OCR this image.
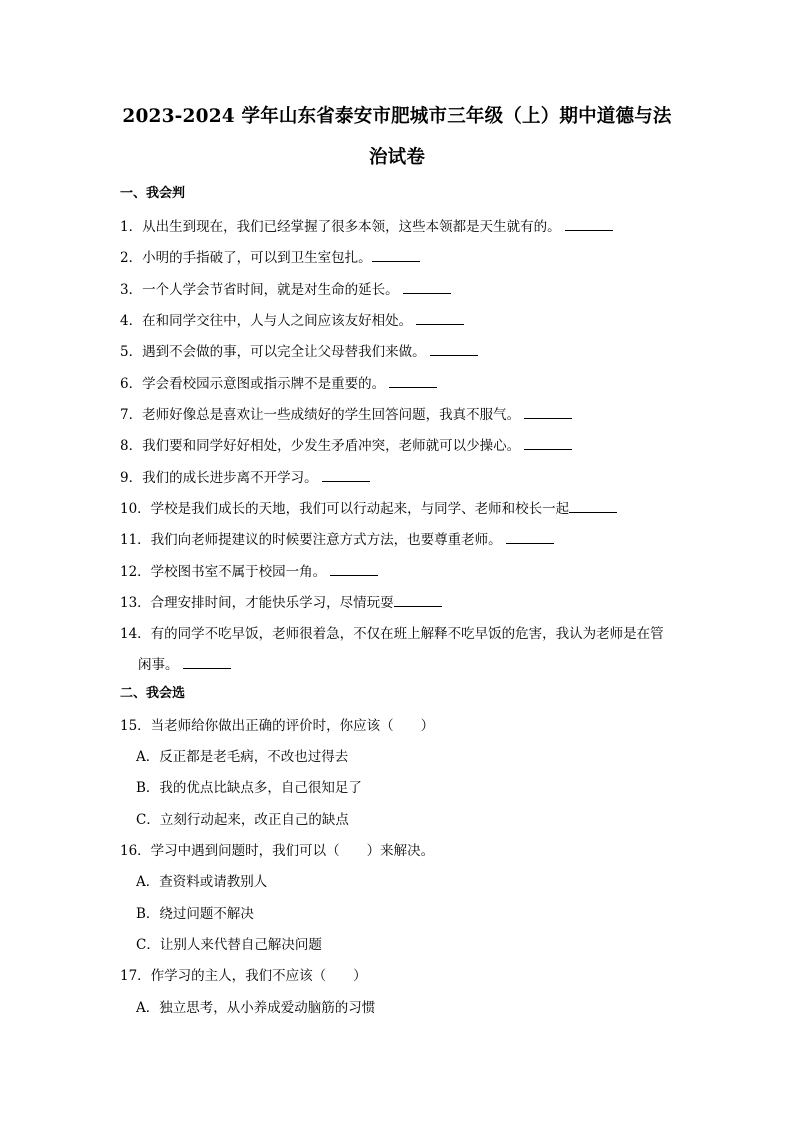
2023-2024 学年山东省泰安市肥城市三年级（上）期中道德与法
治试卷
一、我会判
1．从出生到现在，我们已经掌握了很多本领，这些本领都是天生就有的。
2．小明的手指破了，可以到卫生室包扎。
3．一个人学会节省时间，就是对生命的延长。
4．在和同学交往中，人与人之间应该友好相处。
5．遇到不会做的事，可以完全让父母替我们来做。
6．学会看校园示意图或指示牌不是重要的。
7．老师好像总是喜欢让一些成绩好的学生回答问题，我真不服气。
8．我们要和同学好好相处，少发生矛盾冲突，老师就可以少操心。
9．我们的成长进步离不开学习。
10．学校是我们成长的天地，我们可以行动起来，与同学、老师和校长一起
11．我们向老师提建议的时候要注意方式方法，也要尊重老师。
12．学校图书室不属于校园一角。
13．合理安排时间，才能快乐学习，尽情玩耍
14．有的同学不吃早饭，老师很着急，不仅在班上解释不吃早饭的危害，我认为老师是在管
闲事。
二、我会选
15．当老师给你做出正确的评价时，你应该（　　）
A．反正都是老毛病，不改也过得去
B．我的优点比缺点多，自己很知足了
C．立刻行动起来，改正自己的缺点
16．学习中遇到问题时，我们可以（　　）来解决。
A．查资料或请教别人
B．绕过问题不解决
C．让别人来代替自己解决问题
17．作学习的主人，我们不应该（　　）
A．独立思考，从小养成爱动脑筋的习惯
